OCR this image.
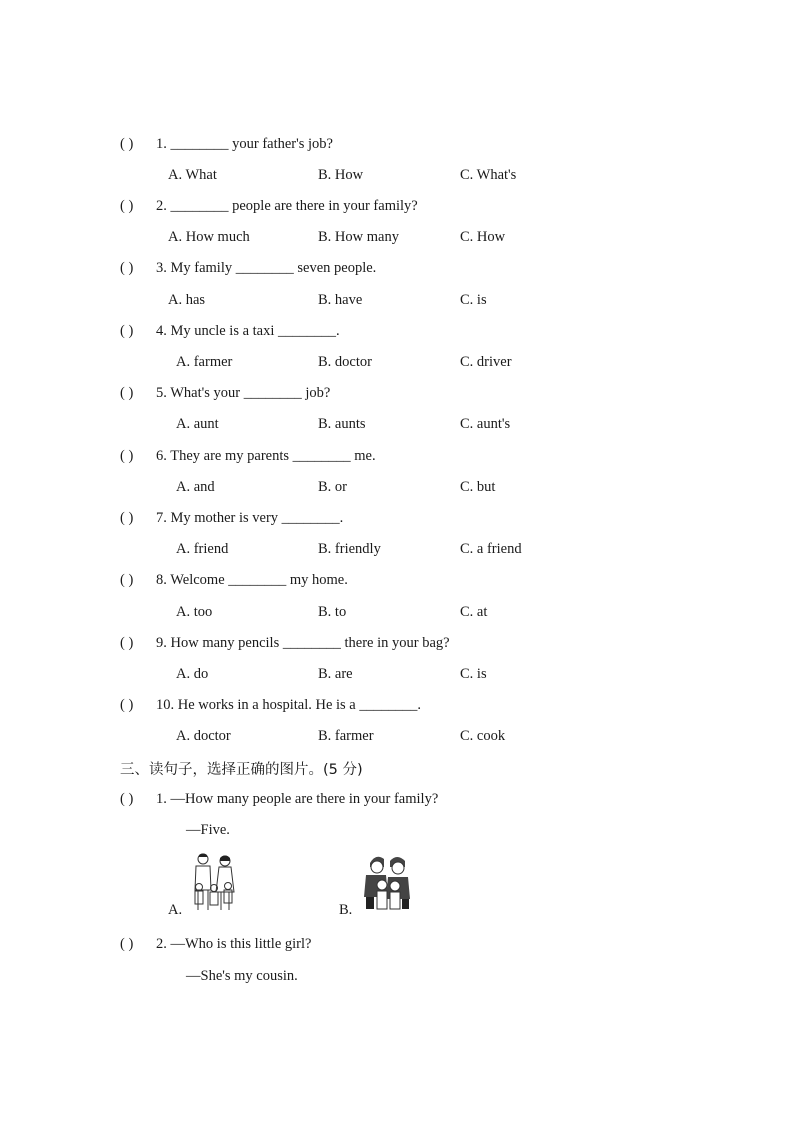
( ) 1. ________ your father's job?
A. What	B. How	C. What's
( ) 2. ________ people are there in your family?
A. How much	B. How many	C. How
( ) 3. My family ________ seven people.
A. has	B. have	C. is
( ) 4. My uncle is a taxi ________.
A. farmer	B. doctor	C. driver
( ) 5. What's your ________ job?
A. aunt	B. aunts	C. aunt's
( ) 6. They are my parents ________ me.
A. and	B. or	C. but
( ) 7. My mother is very ________.
A. friend	B. friendly	C. a friend
( ) 8. Welcome ________ my home.
A. too	B. to	C. at
( ) 9. How many pencils ________ there in your bag?
A. do	B. are	C. is
( ) 10. He works in a hospital. He is a ________.
A. doctor	B. farmer	C. cook
三、读句子，选择正确的图片。(5 分)
( ) 1. —How many people are there in your family?
—Five.
A.	B.
( ) 2. —Who is this little girl?
—She's my cousin.
